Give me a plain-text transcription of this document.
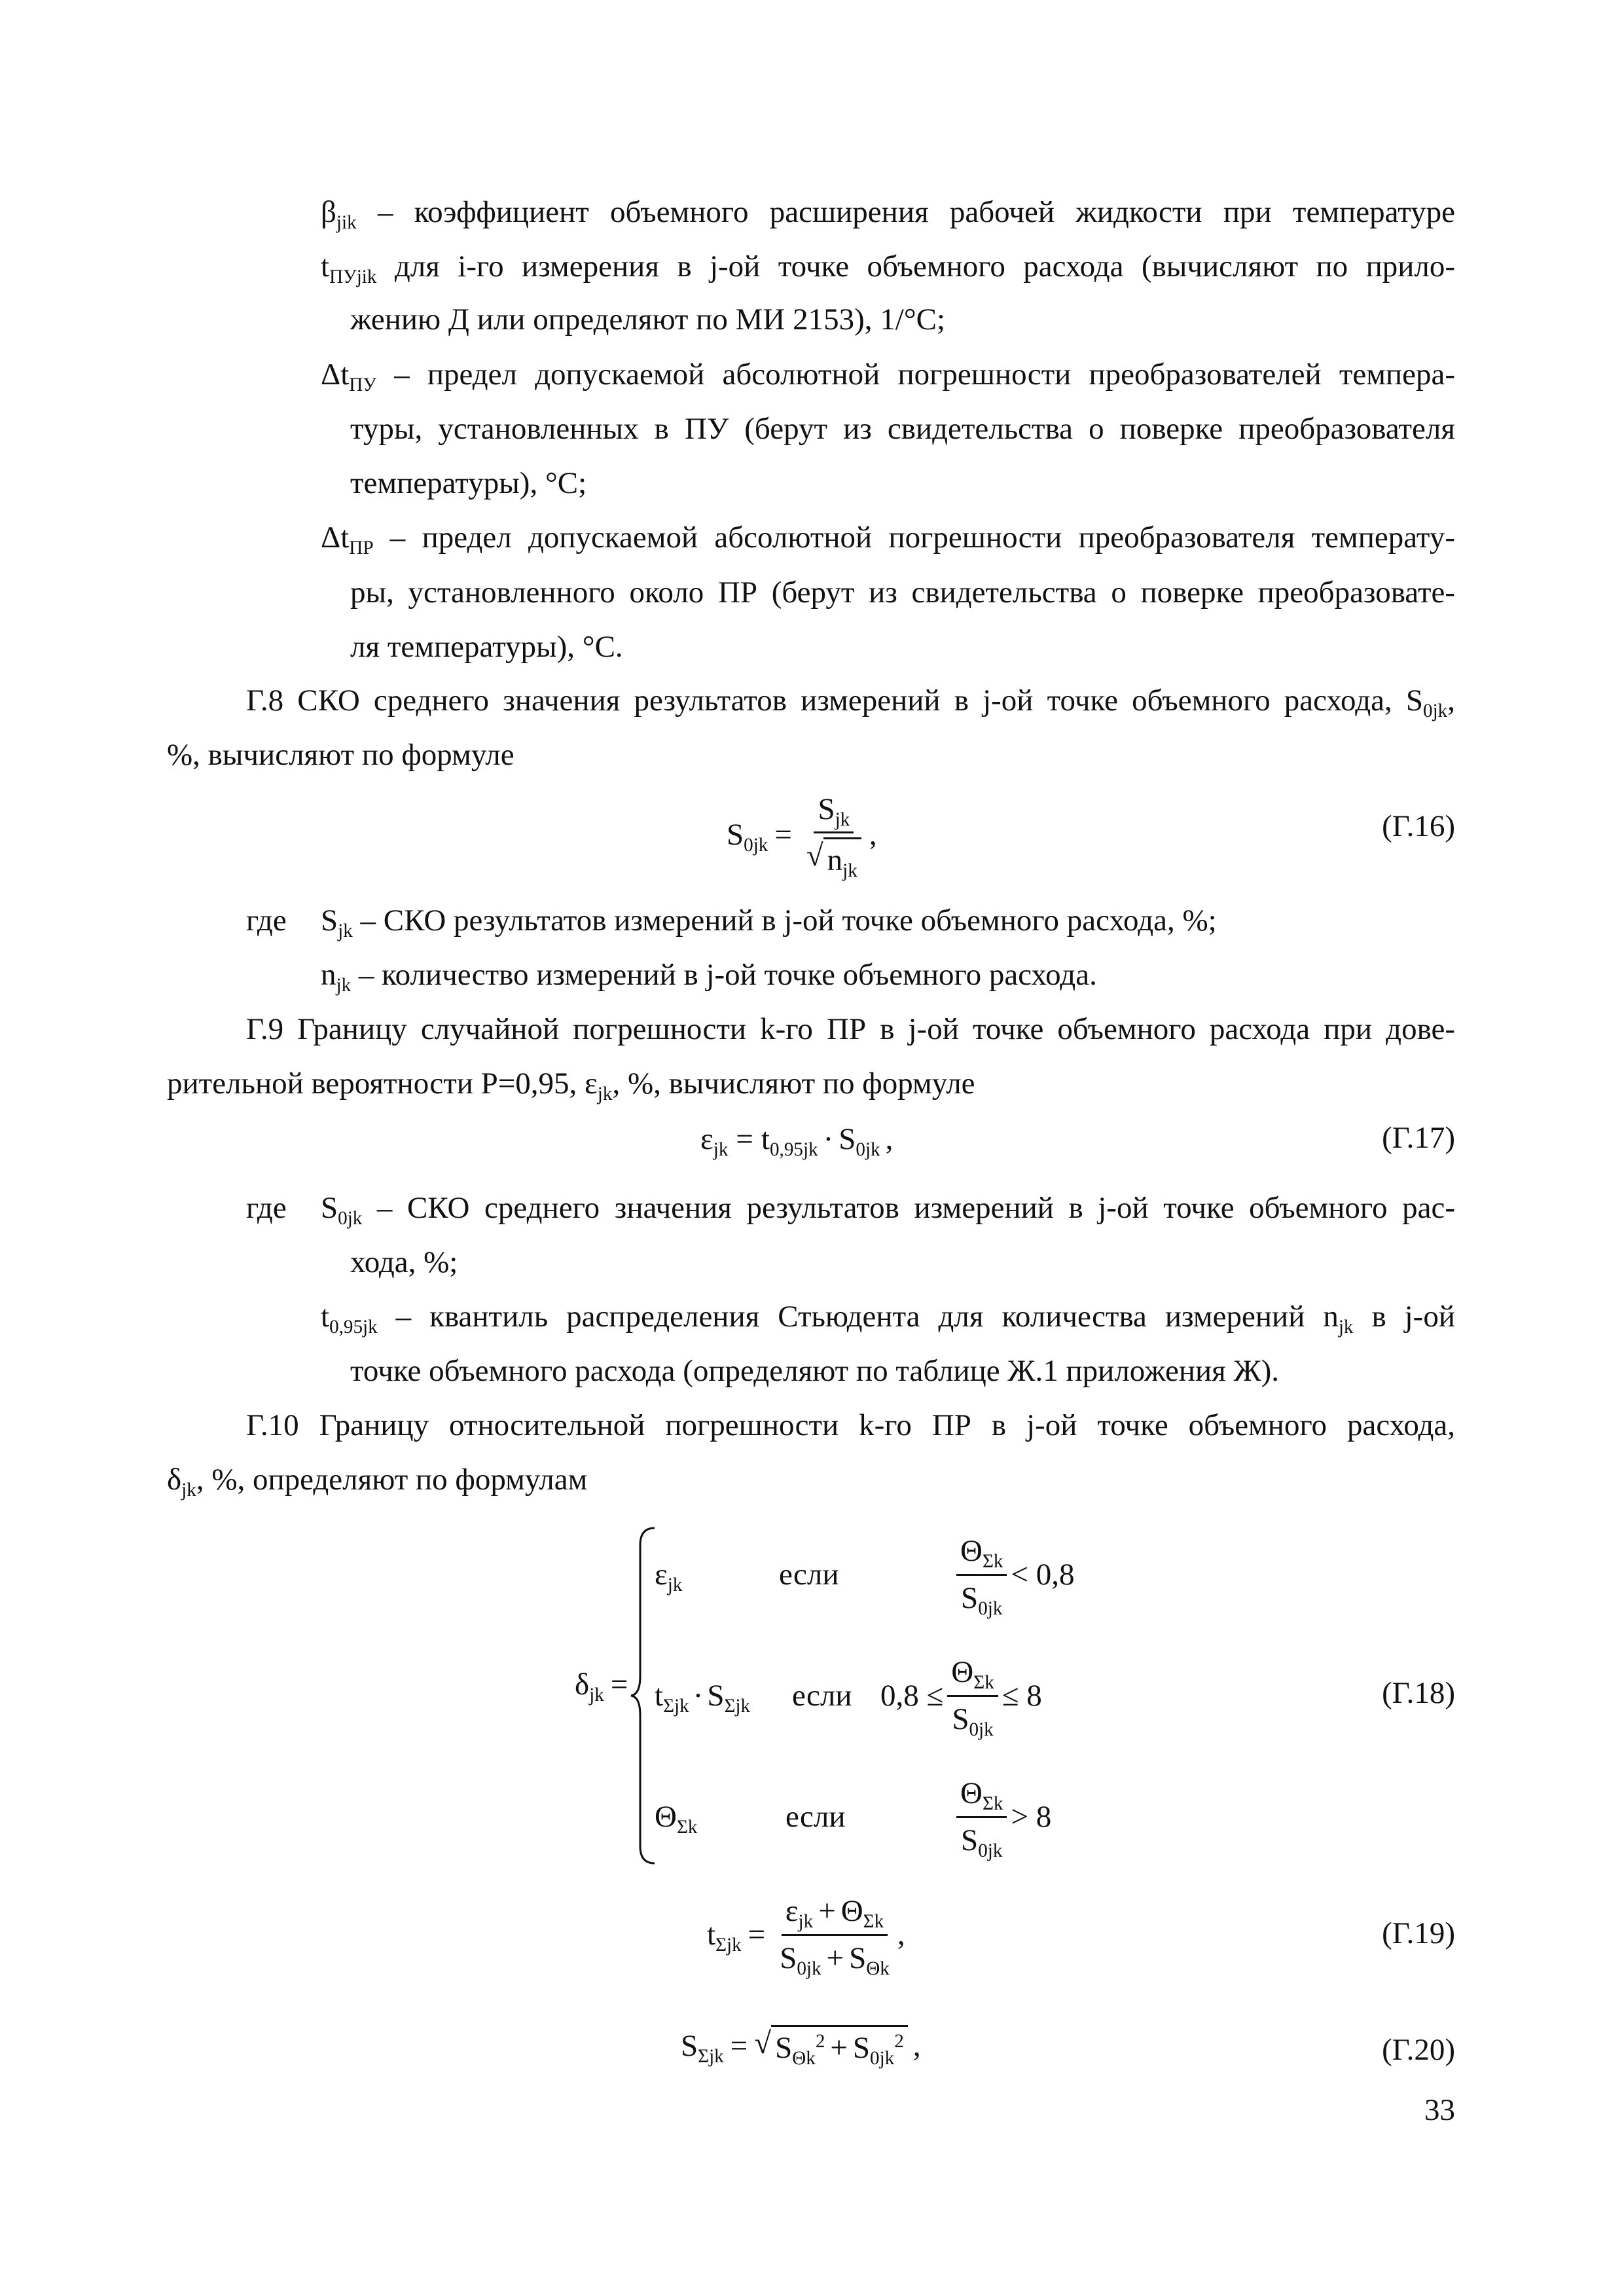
$\beta_{jik}$ – коэффициент объемного расширения рабочей жидкости при температуре
$t_{ПУjik}$ для i-го измерения в j-ой точке объемного расхода (вычисляют по прило-
жению Д или определяют по МИ 2153), 1/°С;
$\Delta t_{ПУ}$ – предел допускаемой абсолютной погрешности преобразователей темпера-
туры, установленных в ПУ (берут из свидетельства о поверке преобразователя
температуры), °С;
$\Delta t_{ПР}$ – предел допускаемой абсолютной погрешности преобразователя температу-
ры, установленного около ПР (берут из свидетельства о поверке преобразовате-
ля температуры), °С.
Г.8 СКО среднего значения результатов измерений в j-ой точке объемного расхода, $S_{0jk}$,
%, вычисляют по формуле
$S_{0jk} = \frac{S_{jk}}{√ n_{jk}}$ ,	(Г.16)
где $S_{jk}$ – СКО результатов измерений в j-ой точке объемного расхода, %;
$n_{jk}$ – количество измерений в j-ой точке объемного расхода.
Г.9 Границу случайной погрешности k-го ПР в j-ой точке объемного расхода при дове-
рительной вероятности P=0,95, $\varepsilon_{jk}$, %, вычисляют по формуле
$\varepsilon_{jk} = t_{0,95jk} \cdot S_{0jk}$ ,	(Г.17)
где $S_{0jk}$ – СКО среднего значения результатов измерений в j-ой точке объемного рас-
хода, %;
$t_{0,95jk}$ – квантиль распределения Стьюдента для количества измерений $n_{jk}$ в j-ой
точке объемного расхода (определяют по таблице Ж.1 приложения Ж).
Г.10 Границу относительной погрешности k-го ПР в j-ой точке объемного расхода,
$\delta_{jk}$, %, определяют по формулам
$\delta_{jk}$ =
$\varepsilon_{jk}$	если	$\frac{\Theta_{\Sigma k}}{S_{0jk}} < 0,8$
$t_{\Sigma jk} \cdot S_{\Sigma jk}$	если $0,8 \le \frac{\Theta_{\Sigma k}}{S_{0jk}} \le 8$
$\Theta_{\Sigma k}$	если	$\frac{\Theta_{\Sigma k}}{S_{0jk}} > 8$
(Г.18)
$t_{\Sigma jk} = \frac{\varepsilon_{jk} + \Theta_{\Sigma k}}{S_{0jk} + S_{\Theta k}}$ ,	(Г.19)
$S_{\Sigma jk}$ = √ $S_{\Theta k}^2 + S_{0jk}^2$ ,	(Г.20)
33
